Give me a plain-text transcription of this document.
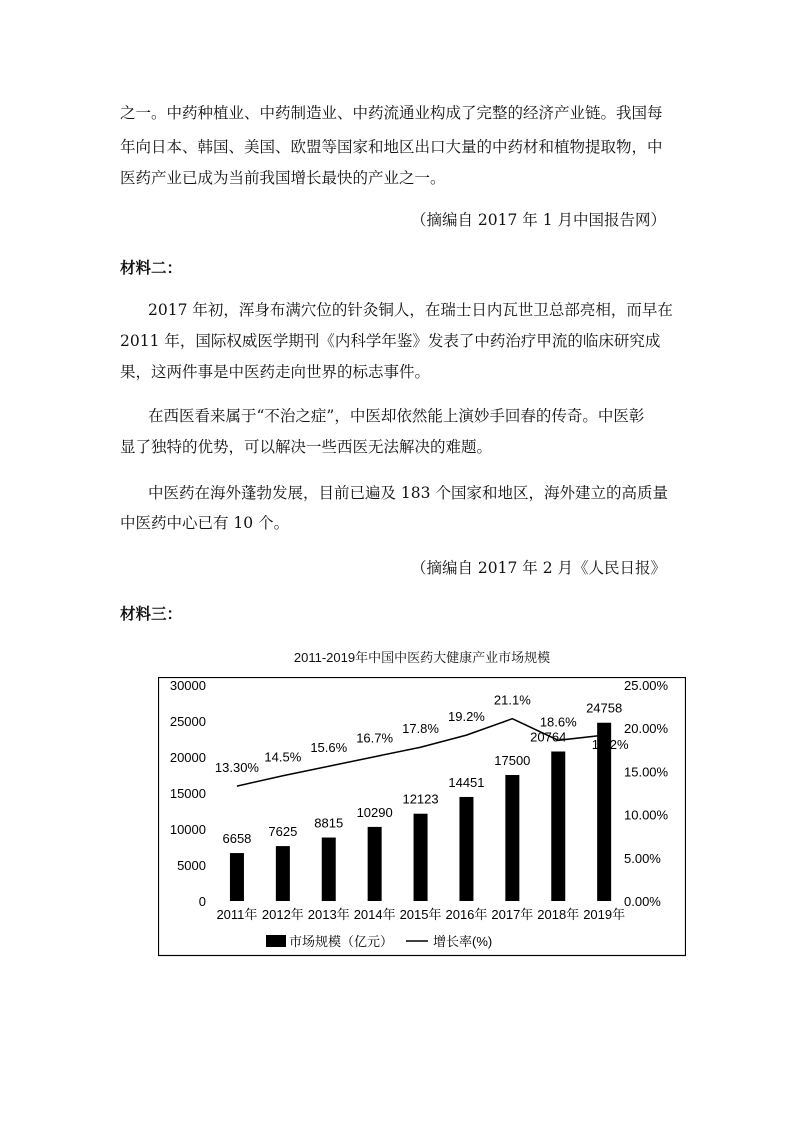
之一。中药种植业、中药制造业、中药流通业构成了完整的经济产业链。我国每
年向日本、韩国、美国、欧盟等国家和地区出口大量的中药材和植物提取物，中
医药产业已成为当前我国增长最快的产业之一。
（摘编自 2017 年 1 月中国报告网）
材料二：
2017 年初，浑身布满穴位的针灸铜人，在瑞士日内瓦世卫总部亮相，而早在
2011 年，国际权威医学期刊《内科学年鉴》发表了中药治疗甲流的临床研究成
果，这两件事是中医药走向世界的标志事件。
在西医看来属于“不治之症”，中医却依然能上演妙手回春的传奇。中医彰
显了独特的优势，可以解决一些西医无法解决的难题。
中医药在海外蓬勃发展，目前已遍及 183 个国家和地区，海外建立的高质量
中医药中心已有 10 个。
（摘编自 2017 年 2 月《人民日报》
材料三：
2011-2019年中国中医药大健康产业市场规模
0
5000
10000
15000
20000
25000
30000
0.00%
5.00%
10.00%
15.00%
20.00%
25.00%
6658 7625
8815
10290
12123
14451
17500
20764
24758
2011年 2012年 2013年 2014年 2015年 2016年 2017年 2018年 2019年
13.30%
14.5%
15.6%
16.7%
17.8%
19.2%
21.1%
18.6%
19.2%
市场规模（亿元）	增长率(%)
